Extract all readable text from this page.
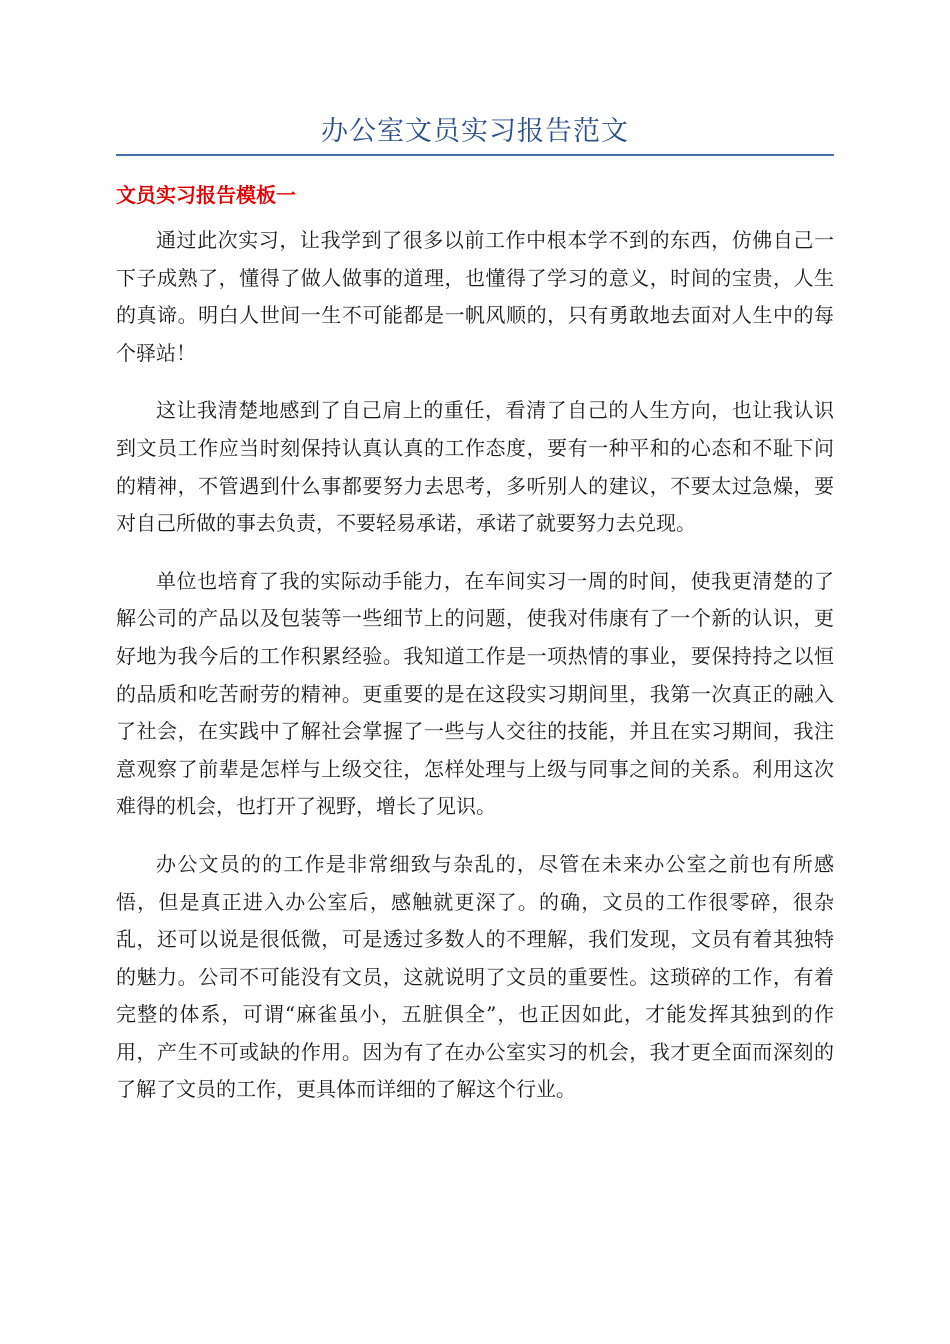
办公室文员实习报告范文
文员实习报告模板一

通过此次实习，让我学到了很多以前工作中根本学不到的东西，仿佛自己一下子成熟了，懂得了做人做事的道理，也懂得了学习的意义，时间的宝贵，人生的真谛。明白人世间一生不可能都是一帆风顺的，只有勇敢地去面对人生中的每个驿站！

这让我清楚地感到了自己肩上的重任，看清了自己的人生方向，也让我认识到文员工作应当时刻保持认真认真的工作态度，要有一种平和的心态和不耻下问的精神，不管遇到什么事都要努力去思考，多听别人的建议，不要太过急燥，要对自己所做的事去负责，不要轻易承诺，承诺了就要努力去兑现。

单位也培育了我的实际动手能力，在车间实习一周的时间，使我更清楚的了解公司的产品以及包装等一些细节上的问题，使我对伟康有了一个新的认识，更好地为我今后的工作积累经验。我知道工作是一项热情的事业，要保持持之以恒的品质和吃苦耐劳的精神。更重要的是在这段实习期间里，我第一次真正的融入了社会，在实践中了解社会掌握了一些与人交往的技能，并且在实习期间，我注意观察了前辈是怎样与上级交往，怎样处理与上级与同事之间的关系。利用这次难得的机会，也打开了视野，增长了见识。

办公文员的的工作是非常细致与杂乱的，尽管在未来办公室之前也有所感悟，但是真正进入办公室后，感触就更深了。的确，文员的工作很零碎，很杂乱，还可以说是很低微，可是透过多数人的不理解，我们发现，文员有着其独特的魅力。公司不可能没有文员，这就说明了文员的重要性。这琐碎的工作，有着完整的体系，可谓“麻雀虽小，五脏俱全”，也正因如此，才能发挥其独到的作用，产生不可或缺的作用。因为有了在办公室实习的机会，我才更全面而深刻的了解了文员的工作，更具体而详细的了解这个行业。
